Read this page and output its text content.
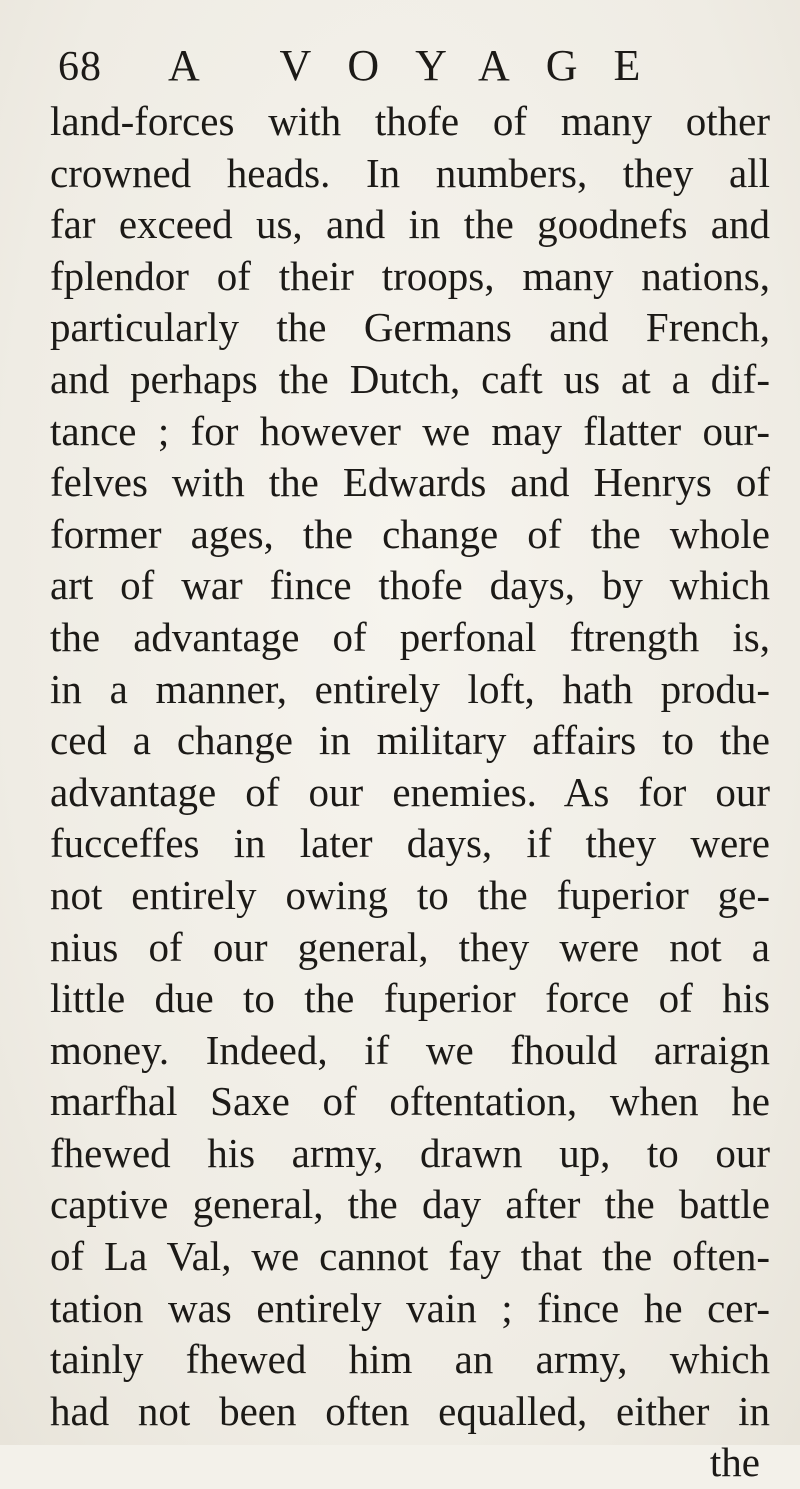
68	A VOYAGE
land-forces with thofe of many other
crowned heads. In numbers, they all
far exceed us, and in the goodnefs and
fplendor of their troops, many nations,
particularly the Germans and French,
and perhaps the Dutch, caft us at a dif-
tance ; for however we may flatter our-
felves with the Edwards and Henrys of
former ages, the change of the whole
art of war fince thofe days, by which
the advantage of perfonal ftrength is,
in a manner, entirely loft, hath produ-
ced a change in military affairs to the
advantage of our enemies. As for our
fucceffes in later days, if they were
not entirely owing to the fuperior ge-
nius of our general, they were not a
little due to the fuperior force of his
money. Indeed, if we fhould arraign
marfhal Saxe of oftentation, when he
fhewed his army, drawn up, to our
captive general, the day after the battle
of La Val, we cannot fay that the often-
tation was entirely vain ; fince he cer-
tainly fhewed him an army, which
had not been often equalled, either in
the
